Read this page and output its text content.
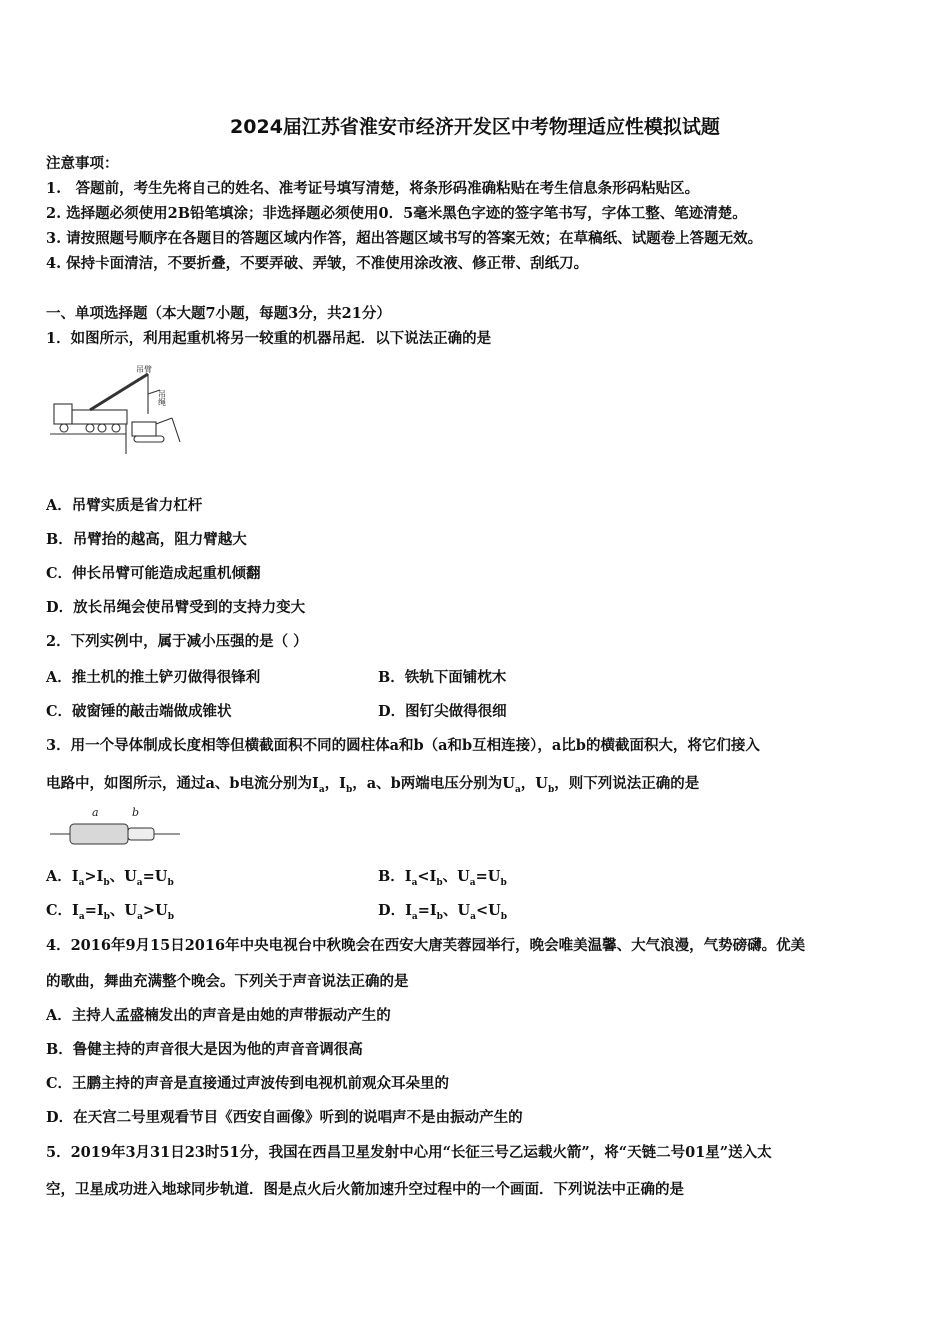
2024届江苏省淮安市经济开发区中考物理适应性模拟试题
注意事项：
1.　答题前，考生先将自己的姓名、准考证号填写清楚，将条形码准确粘贴在考生信息条形码粘贴区。
2. 选择题必须使用2B铅笔填涂；非选择题必须使用0．5毫米黑色字迹的签字笔书写，字体工整、笔迹清楚。
3. 请按照题号顺序在各题目的答题区域内作答，超出答题区域书写的答案无效；在草稿纸、试题卷上答题无效。
4. 保持卡面清洁，不要折叠，不要弄破、弄皱，不准使用涂改液、修正带、刮纸刀。
一、单项选择题（本大题7小题，每题3分，共21分）
1．如图所示，利用起重机将另一较重的机器吊起．以下说法正确的是
吊臂
吊绳
A．吊臂实质是省力杠杆
B．吊臂抬的越高，阻力臂越大
C．伸长吊臂可能造成起重机倾翻
D．放长吊绳会使吊臂受到的支持力变大
2．下列实例中，属于减小压强的是（ ）
A．推土机的推土铲刃做得很锋利	B．铁轨下面铺枕木
C．破窗锤的敲击端做成锥状	D．图钉尖做得很细
3．用一个导体制成长度相等但横截面积不同的圆柱体a和b（a和b互相连接），a比b的横截面积大，将它们接入
电路中，如图所示，通过a、b电流分别为$I_a$，$I_b$，a、b两端电压分别为$U_a$，$U_b$，则下列说法正确的是
a	b
A．$I_a>I_b$、$U_a=U_b$	B．$I_a<I_b$、$U_a=U_b$
C．$I_a=I_b$、$U_a>U_b$	D．$I_a=I_b$、$U_a<U_b$
4．2016年9月15日2016年中央电视台中秋晚会在西安大唐芙蓉园举行，晚会唯美温馨、大气浪漫，气势磅礴。优美
的歌曲，舞曲充满整个晚会。下列关于声音说法正确的是
A．主持人孟盛楠发出的声音是由她的声带振动产生的
B．鲁健主持的声音很大是因为他的声音音调很高
C．王鹏主持的声音是直接通过声波传到电视机前观众耳朵里的
D．在天宫二号里观看节目《西安自画像》听到的说唱声不是由振动产生的
5．2019年3月31日23时51分，我国在西昌卫星发射中心用“长征三号乙运载火箭”，将“天链二号01星”送入太
空，卫星成功进入地球同步轨道．图是点火后火箭加速升空过程中的一个画面．下列说法中正确的是
